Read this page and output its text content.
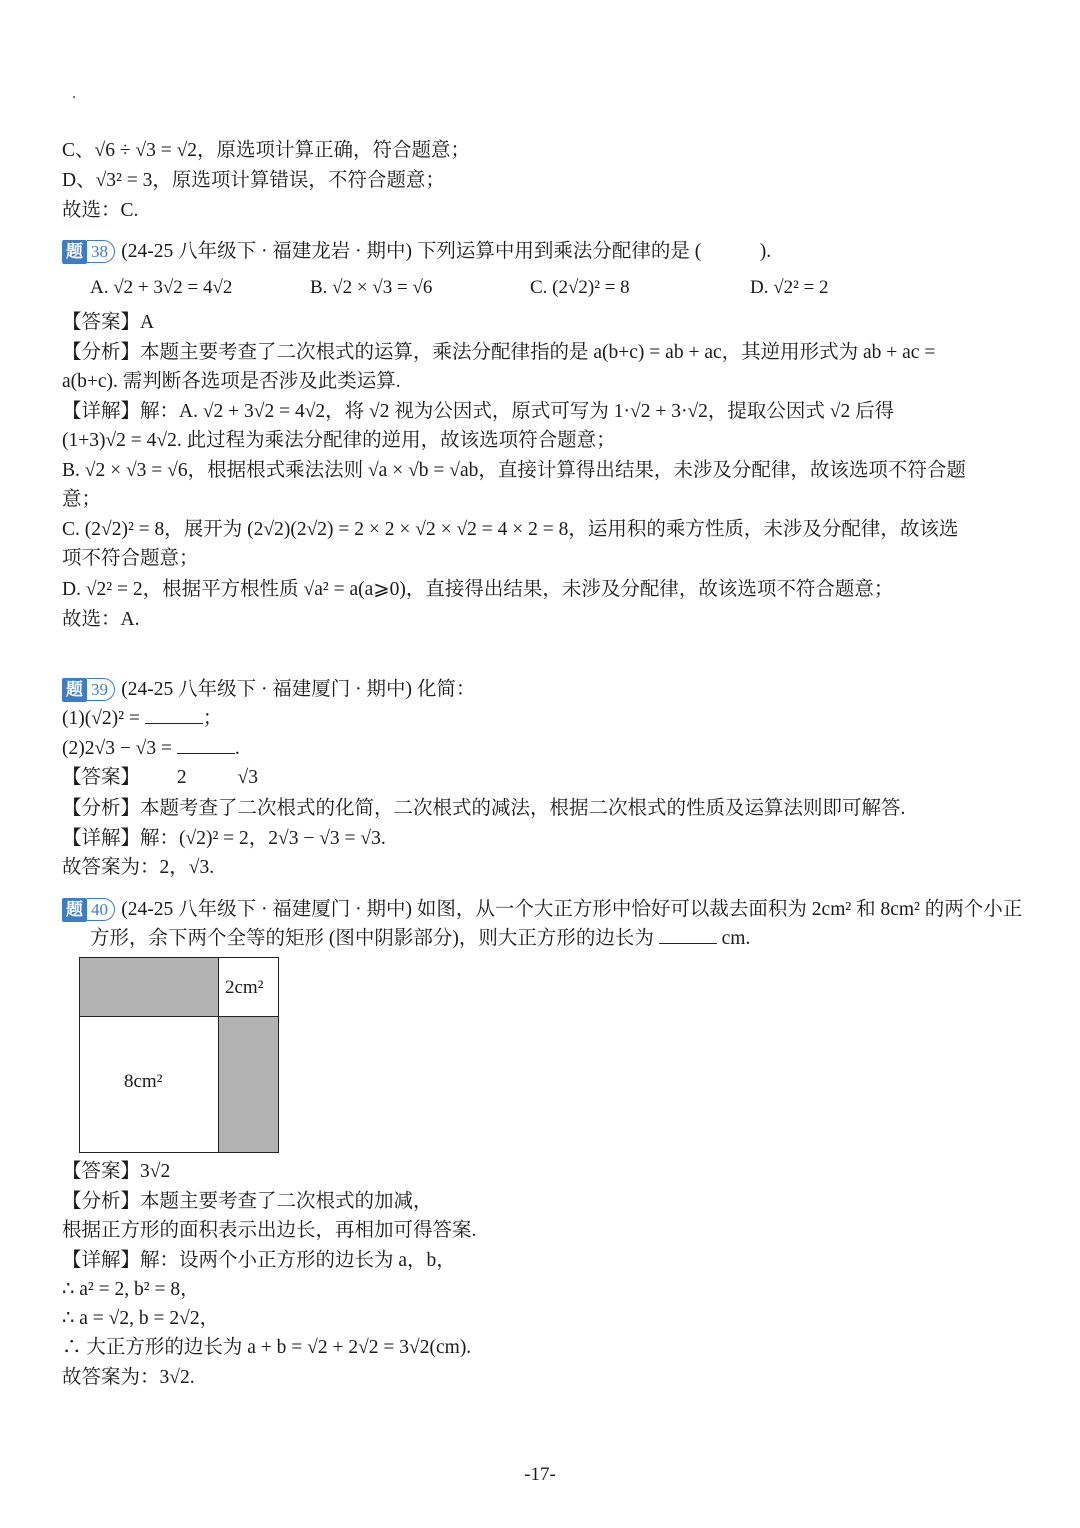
C、√6 ÷ √3 = √2，原选项计算正确，符合题意；
D、√3² = 3，原选项计算错误，不符合题意；
故选：C.
题 38 (24-25 八年级下 · 福建龙岩 · 期中) 下列运算中用到乘法分配律的是 (　　　).
A. √2 + 3√2 = 4√2	B. √2 × √3 = √6	C. (2√2)² = 8	D. √2² = 2
【答案】A
【分析】本题主要考查了二次根式的运算，乘法分配律指的是 a(b+c) = ab + ac，其逆用形式为 ab + ac =
a(b+c). 需判断各选项是否涉及此类运算.
【详解】解：A. √2 + 3√2 = 4√2，将 √2 视为公因式，原式可写为 1·√2 + 3·√2，提取公因式 √2 后得
(1+3)√2 = 4√2. 此过程为乘法分配律的逆用，故该选项符合题意；
B. √2 × √3 = √6，根据根式乘法法则 √a × √b = √ab，直接计算得出结果，未涉及分配律，故该选项不符合题
意；
C. (2√2)² = 8，展开为 (2√2)(2√2) = 2 × 2 × √2 × √2 = 4 × 2 = 8，运用积的乘方性质，未涉及分配律，故该选
项不符合题意；
D. √2² = 2，根据平方根性质 √a² = a(a⩾0)，直接得出结果，未涉及分配律，故该选项不符合题意；
故选：A.
题 39 (24-25 八年级下 · 福建厦门 · 期中) 化简：
(1)(√2)² =	；
(2)2√3 − √3 =	.
【答案】 2	√3
【分析】本题考查了二次根式的化简，二次根式的减法，根据二次根式的性质及运算法则即可解答.
【详解】解：(√2)² = 2，2√3 − √3 = √3.
故答案为：2，√3.
题 40 (24-25 八年级下 · 福建厦门 · 期中) 如图，从一个大正方形中恰好可以裁去面积为 2cm² 和 8cm² 的两个小正
方形，余下两个全等的矩形 (图中阴影部分)，则大正方形的边长为	cm.
2cm²
8cm²
【答案】3√2
【分析】本题主要考查了二次根式的加减，
根据正方形的面积表示出边长，再相加可得答案.
【详解】解：设两个小正方形的边长为 a，b，
∴ a² = 2, b² = 8，
∴ a = √2, b = 2√2，
∴ 大正方形的边长为 a + b = √2 + 2√2 = 3√2(cm).
故答案为：3√2.
-17-
